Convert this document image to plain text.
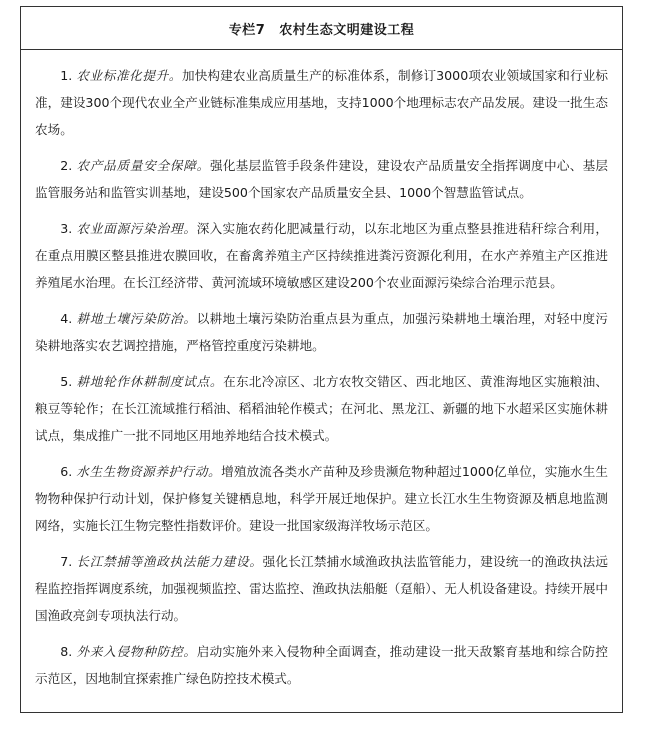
专栏7 农村生态文明建设工程

1. 农业标准化提升。加快构建农业高质量生产的标准体系，制修订3000项农业领域国家和行业标准，建设300个现代农业全产业链标准集成应用基地，支持1000个地理标志农产品发展。建设一批生态农场。

2. 农产品质量安全保障。强化基层监管手段条件建设，建设农产品质量安全指挥调度中心、基层监管服务站和监管实训基地，建设500个国家农产品质量安全县、1000个智慧监管试点。

3. 农业面源污染治理。深入实施农药化肥减量行动，以东北地区为重点整县推进秸秆综合利用，在重点用膜区整县推进农膜回收，在畜禽养殖主产区持续推进粪污资源化利用，在水产养殖主产区推进养殖尾水治理。在长江经济带、黄河流域环境敏感区建设200个农业面源污染综合治理示范县。

4. 耕地土壤污染防治。以耕地土壤污染防治重点县为重点，加强污染耕地土壤治理，对轻中度污染耕地落实农艺调控措施，严格管控重度污染耕地。

5. 耕地轮作休耕制度试点。在东北冷凉区、北方农牧交错区、西北地区、黄淮海地区实施粮油、粮豆等轮作；在长江流域推行稻油、稻稻油轮作模式；在河北、黑龙江、新疆的地下水超采区实施休耕试点，集成推广一批不同地区用地养地结合技术模式。

6. 水生生物资源养护行动。增殖放流各类水产苗种及珍贵濒危物种超过1000亿单位，实施水生生物物种保护行动计划，保护修复关键栖息地，科学开展迁地保护。建立长江水生生物资源及栖息地监测网络，实施长江生物完整性指数评价。建设一批国家级海洋牧场示范区。

7. 长江禁捕等渔政执法能力建设。强化长江禁捕水域渔政执法监管能力，建设统一的渔政执法远程监控指挥调度系统，加强视频监控、雷达监控、渔政执法船艇（趸船）、无人机设备建设。持续开展中国渔政亮剑专项执法行动。

8. 外来入侵物种防控。启动实施外来入侵物种全面调查，推动建设一批天敌繁育基地和综合防控示范区，因地制宜探索推广绿色防控技术模式。
